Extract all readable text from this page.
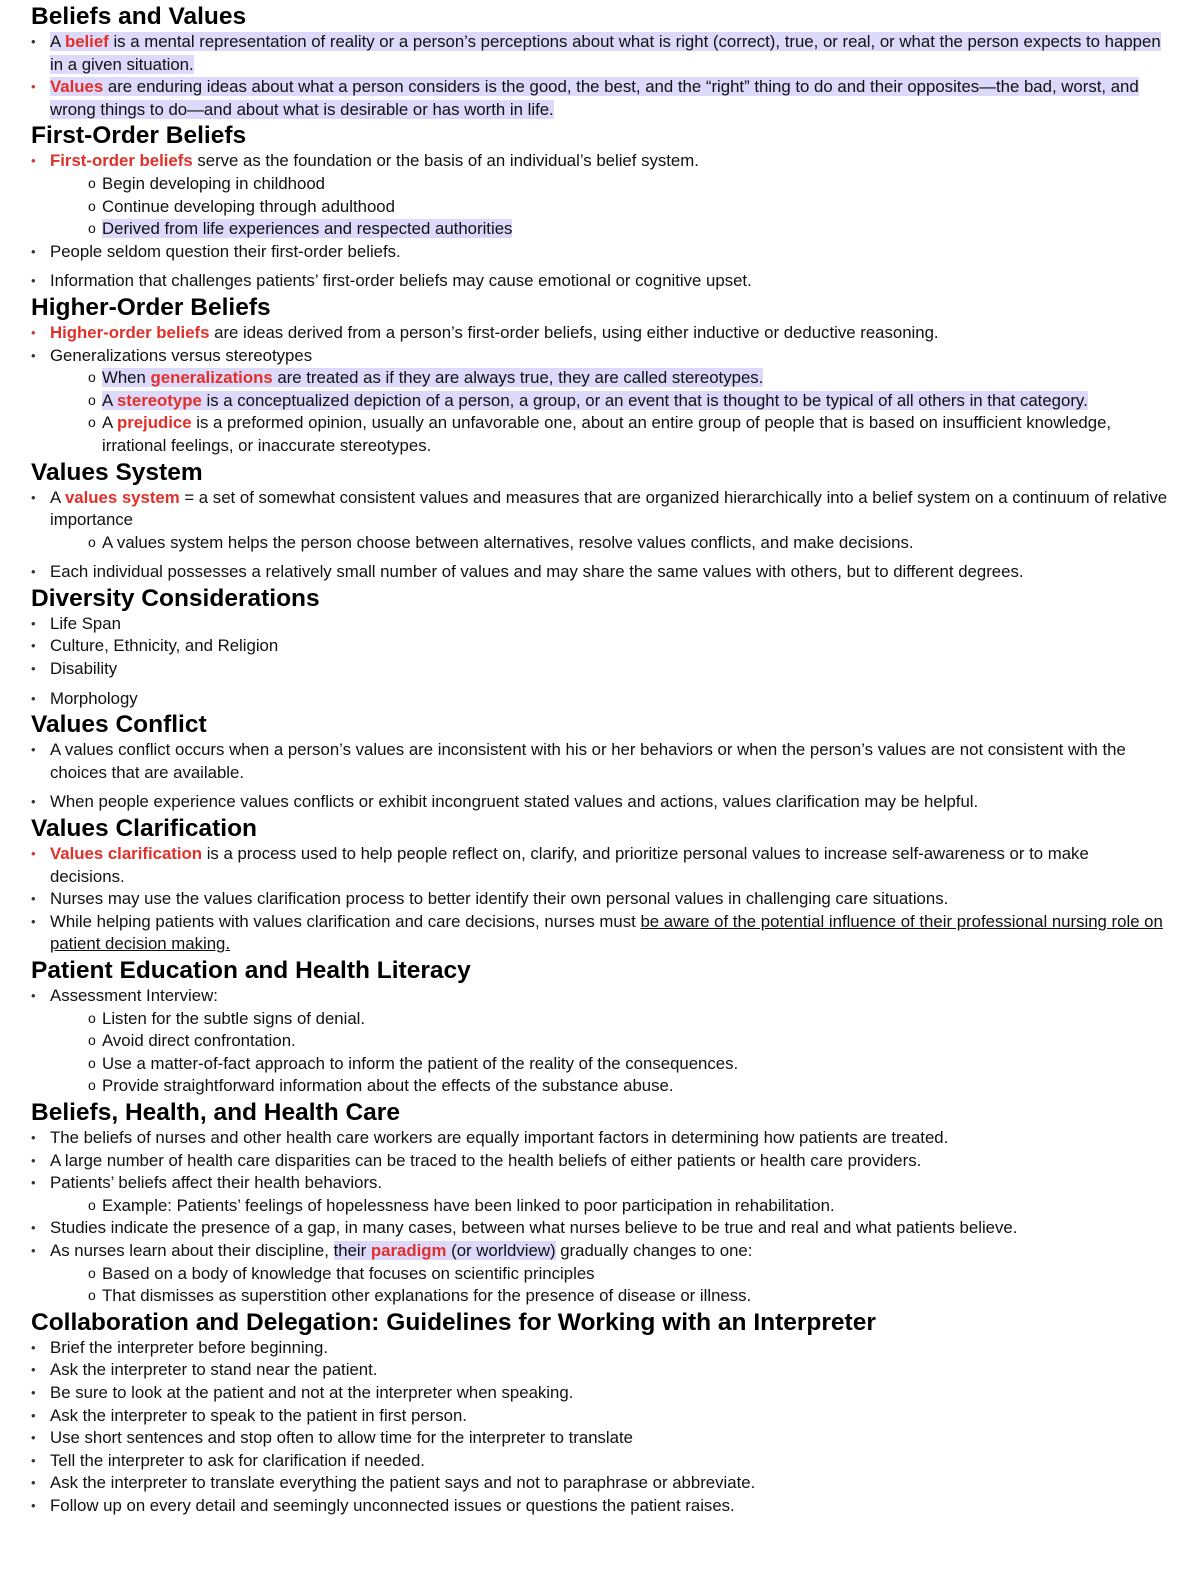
Beliefs and Values
• A belief is a mental representation of reality or a person’s perceptions about what is right (correct), true, or real, or what the person expects to happen in a given situation.
• Values are enduring ideas about what a person considers is the good, the best, and the “right” thing to do and their opposites—the bad, worst, and wrong things to do—and about what is desirable or has worth in life.
First-Order Beliefs
• First-order beliefs serve as the foundation or the basis of an individual’s belief system.
o Begin developing in childhood
o Continue developing through adulthood
o Derived from life experiences and respected authorities
• People seldom question their first-order beliefs.
• Information that challenges patients’ first-order beliefs may cause emotional or cognitive upset.
Higher-Order Beliefs
• Higher-order beliefs are ideas derived from a person’s first-order beliefs, using either inductive or deductive reasoning.
• Generalizations versus stereotypes
o When generalizations are treated as if they are always true, they are called stereotypes.
o A stereotype is a conceptualized depiction of a person, a group, or an event that is thought to be typical of all others in that category.
o A prejudice is a preformed opinion, usually an unfavorable one, about an entire group of people that is based on insufficient knowledge, irrational feelings, or inaccurate stereotypes.
Values System
• A values system = a set of somewhat consistent values and measures that are organized hierarchically into a belief system on a continuum of relative importance
o A values system helps the person choose between alternatives, resolve values conflicts, and make decisions.
• Each individual possesses a relatively small number of values and may share the same values with others, but to different degrees.
Diversity Considerations
• Life Span
• Culture, Ethnicity, and Religion
• Disability
• Morphology
Values Conflict
• A values conflict occurs when a person’s values are inconsistent with his or her behaviors or when the person’s values are not consistent with the choices that are available.
• When people experience values conflicts or exhibit incongruent stated values and actions, values clarification may be helpful.
Values Clarification
• Values clarification is a process used to help people reflect on, clarify, and prioritize personal values to increase self-awareness or to make decisions.
• Nurses may use the values clarification process to better identify their own personal values in challenging care situations.
• While helping patients with values clarification and care decisions, nurses must be aware of the potential influence of their professional nursing role on patient decision making.
Patient Education and Health Literacy
• Assessment Interview:
o Listen for the subtle signs of denial.
o Avoid direct confrontation.
o Use a matter-of-fact approach to inform the patient of the reality of the consequences.
o Provide straightforward information about the effects of the substance abuse.
Beliefs, Health, and Health Care
• The beliefs of nurses and other health care workers are equally important factors in determining how patients are treated.
• A large number of health care disparities can be traced to the health beliefs of either patients or health care providers.
• Patients’ beliefs affect their health behaviors.
o Example: Patients’ feelings of hopelessness have been linked to poor participation in rehabilitation.
• Studies indicate the presence of a gap, in many cases, between what nurses believe to be true and real and what patients believe.
• As nurses learn about their discipline, their paradigm (or worldview) gradually changes to one:
o Based on a body of knowledge that focuses on scientific principles
o That dismisses as superstition other explanations for the presence of disease or illness.
Collaboration and Delegation: Guidelines for Working with an Interpreter
• Brief the interpreter before beginning.
• Ask the interpreter to stand near the patient.
• Be sure to look at the patient and not at the interpreter when speaking.
• Ask the interpreter to speak to the patient in first person.
• Use short sentences and stop often to allow time for the interpreter to translate
• Tell the interpreter to ask for clarification if needed.
• Ask the interpreter to translate everything the patient says and not to paraphrase or abbreviate.
• Follow up on every detail and seemingly unconnected issues or questions the patient raises.
